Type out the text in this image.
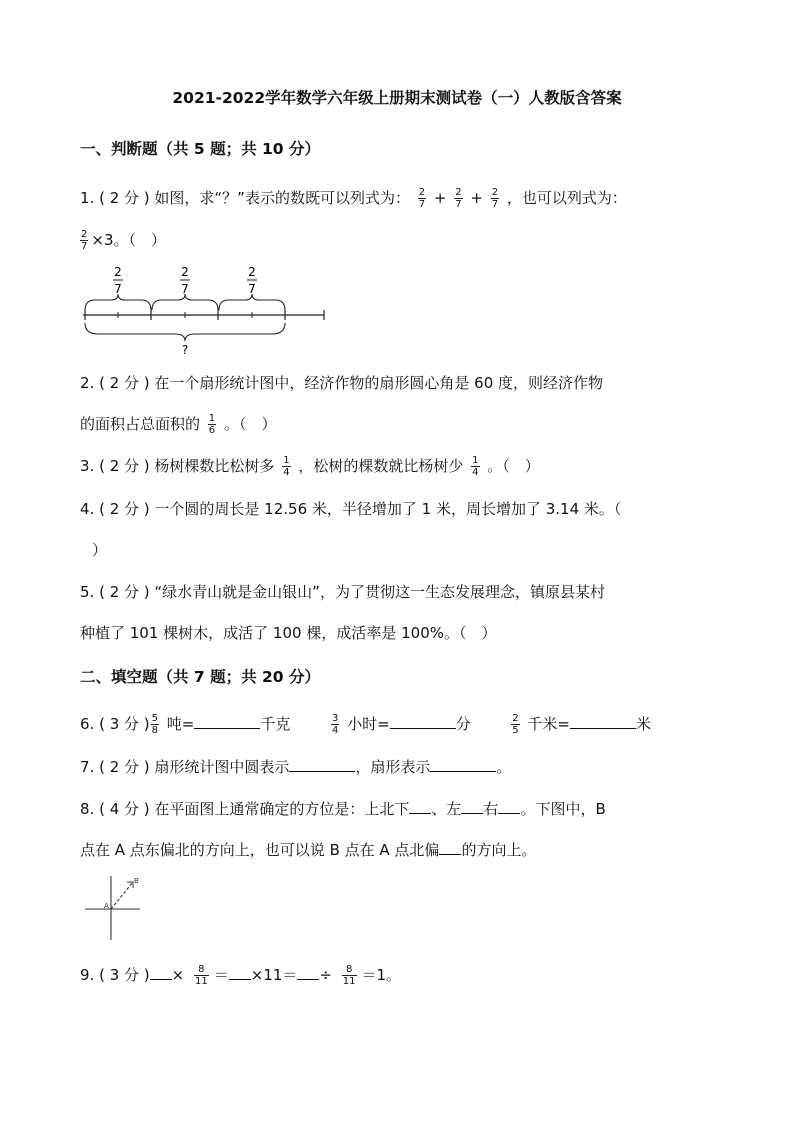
2021-2022学年数学六年级上册期末测试卷（一）人教版含答案
一、判断题（共 5 题；共 10 分）
1. ( 2 分 ) 如图，求“？”表示的数既可以列式为： $\frac{2}{7} + \frac{2}{7} + \frac{2}{7}$ ，也可以列式为：
$\frac{2}{7} \times 3$。（　）
2
7
2
7
2
7
?
2. ( 2 分 ) 在一个扇形统计图中，经济作物的扇形圆心角是 60 度，则经济作物
的面积占总面积的 $\frac{1}{6}$ 。（　）
3. ( 2 分 ) 杨树棵数比松树多 $\frac{1}{4}$ ，松树的棵数就比杨树少 $\frac{1}{4}$ 。（　）
4. ( 2 分 ) 一个圆的周长是 12.56 米，半径增加了 1 米，周长增加了 3.14 米。（
）
5. ( 2 分 ) “绿水青山就是金山银山”，为了贯彻这一生态发展理念，镇原县某村
种植了 101 棵树木，成活了 100 棵，成活率是 100%。（　）
二、填空题（共 7 题；共 20 分）
6. ( 3 分 ) $\frac{5}{8}$ 吨=	千克	$\frac{3}{4}$ 小时=	分	$\frac{2}{5}$ 千米=	米
7. ( 2 分 ) 扇形统计图中圆表示	，扇形表示	。
8. ( 4 分 ) 在平面图上通常确定的方位是：上北下 、左 右 。下图中，B
点在 A 点东偏北的方向上，也可以说 B 点在 A 点北偏 的方向上。
A
B
9. ( 3 分 ) × $\frac{8}{11} = \times 11= \div \frac{8}{11} =1$。
